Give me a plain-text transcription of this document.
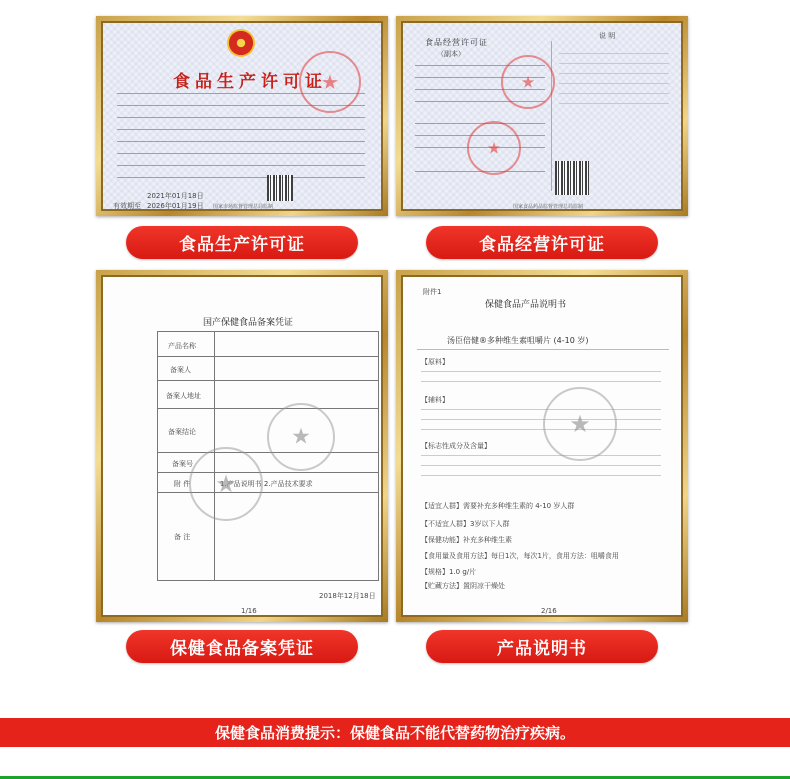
食品生产许可证
★
2021年01月18日
有效期至 2026年01月19日 国家市场监督管理总局监制
食品生产许可证
食品经营许可证
（副本）
说 明
★
★
国家食品药品监督管理总局监制
食品经营许可证
国产保健食品备案凭证
产品名称
备案人
备案人地址
备案结论
备案号
附 件
备 注
1.产品说明书 2.产品技术要求
★
★
2018年12月18日
1/16
保健食品备案凭证
附件1
保健食品产品说明书
汤臣倍健®多种维生素咀嚼片 (4-10 岁)
【原料】
【辅料】
【标志性成分及含量】
【适宜人群】需要补充多种维生素的 4-10 岁人群
【不适宜人群】3岁以下人群
【保健功能】补充多种维生素
【食用量及食用方法】每日1次，每次1片，食用方法：咀嚼食用
【规格】1.0 g/片
【贮藏方法】置阴凉干燥处
★
2/16
产品说明书
保健食品消费提示：保健食品不能代替药物治疗疾病。
